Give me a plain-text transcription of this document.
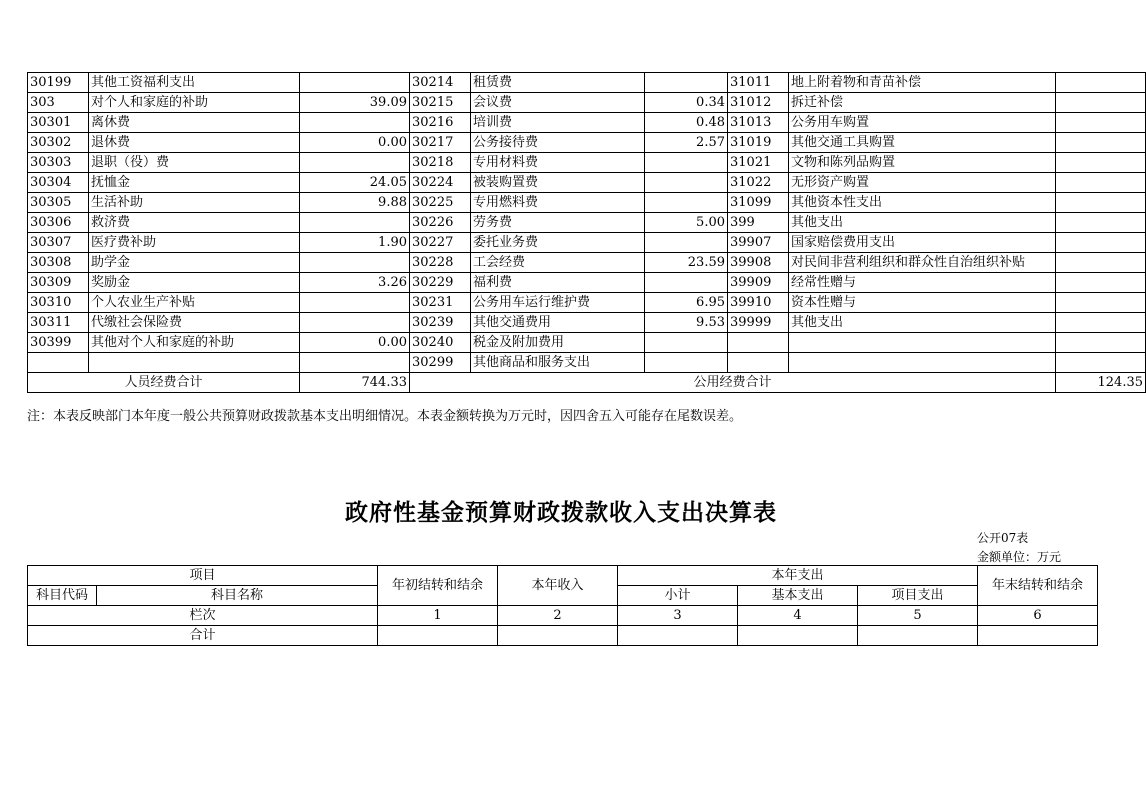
30199	其他工资福利支出		30214	租赁费		31011	地上附着物和青苗补偿	
303	对个人和家庭的补助	39.09	30215	会议费	0.34	31012	拆迁补偿	
30301	离休费		30216	培训费	0.48	31013	公务用车购置	
30302	退休费	0.00	30217	公务接待费	2.57	31019	其他交通工具购置	
30303	退职（役）费		30218	专用材料费		31021	文物和陈列品购置	
30304	抚恤金	24.05	30224	被装购置费		31022	无形资产购置	
30305	生活补助	9.88	30225	专用燃料费		31099	其他资本性支出	
30306	救济费		30226	劳务费	5.00	399	其他支出	
30307	医疗费补助	1.90	30227	委托业务费		39907	国家赔偿费用支出	
30308	助学金		30228	工会经费	23.59	39908	对民间非营利组织和群众性自治组织补贴	
30309	奖励金	3.26	30229	福利费		39909	经常性赠与	
30310	个人农业生产补贴		30231	公务用车运行维护费	6.95	39910	资本性赠与	
30311	代缴社会保险费		30239	其他交通费用	9.53	39999	其他支出	
30399	其他对个人和家庭的补助	0.00	30240	税金及附加费用				
			30299	其他商品和服务支出				
人员经费合计		744.33	公用经费合计					124.35
注：本表反映部门本年度一般公共预算财政拨款基本支出明细情况。本表金额转换为万元时，因四舍五入可能存在尾数误差。
政府性基金预算财政拨款收入支出决算表
公开07表
金额单位：万元
项目		年初结转和结余	本年收入	本年支出			年末结转和结余
科目代码	科目名称			小计	基本支出	项目支出	
栏次		1	2	3	4	5	6
合计							
